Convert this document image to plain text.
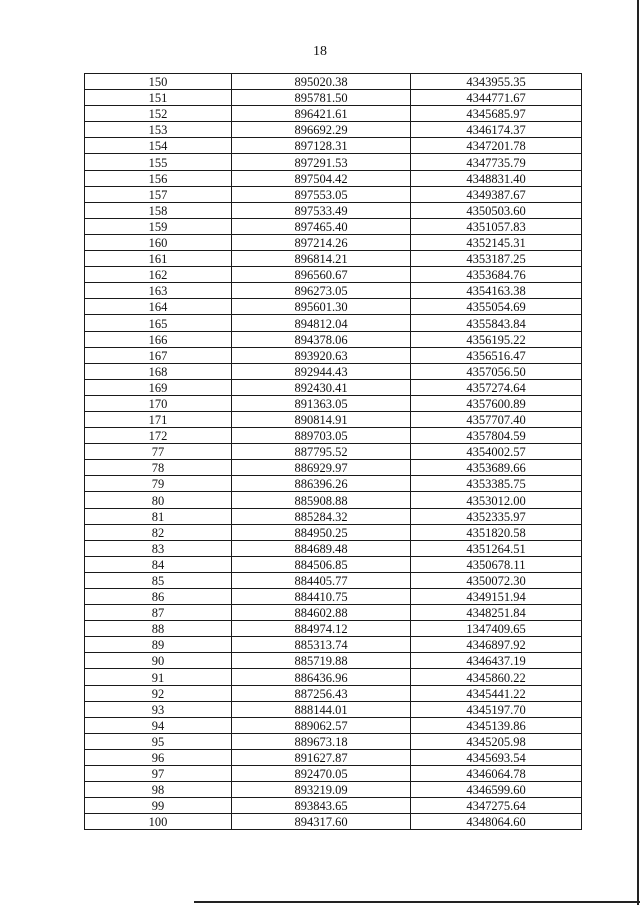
18
150	895020.38	4343955.35
151	895781.50	4344771.67
152	896421.61	4345685.97
153	896692.29	4346174.37
154	897128.31	4347201.78
155	897291.53	4347735.79
156	897504.42	4348831.40
157	897553.05	4349387.67
158	897533.49	4350503.60
159	897465.40	4351057.83
160	897214.26	4352145.31
161	896814.21	4353187.25
162	896560.67	4353684.76
163	896273.05	4354163.38
164	895601.30	4355054.69
165	894812.04	4355843.84
166	894378.06	4356195.22
167	893920.63	4356516.47
168	892944.43	4357056.50
169	892430.41	4357274.64
170	891363.05	4357600.89
171	890814.91	4357707.40
172	889703.05	4357804.59
77	887795.52	4354002.57
78	886929.97	4353689.66
79	886396.26	4353385.75
80	885908.88	4353012.00
81	885284.32	4352335.97
82	884950.25	4351820.58
83	884689.48	4351264.51
84	884506.85	4350678.11
85	884405.77	4350072.30
86	884410.75	4349151.94
87	884602.88	4348251.84
88	884974.12	1347409.65
89	885313.74	4346897.92
90	885719.88	4346437.19
91	886436.96	4345860.22
92	887256.43	4345441.22
93	888144.01	4345197.70
94	889062.57	4345139.86
95	889673.18	4345205.98
96	891627.87	4345693.54
97	892470.05	4346064.78
98	893219.09	4346599.60
99	893843.65	4347275.64
100	894317.60	4348064.60
